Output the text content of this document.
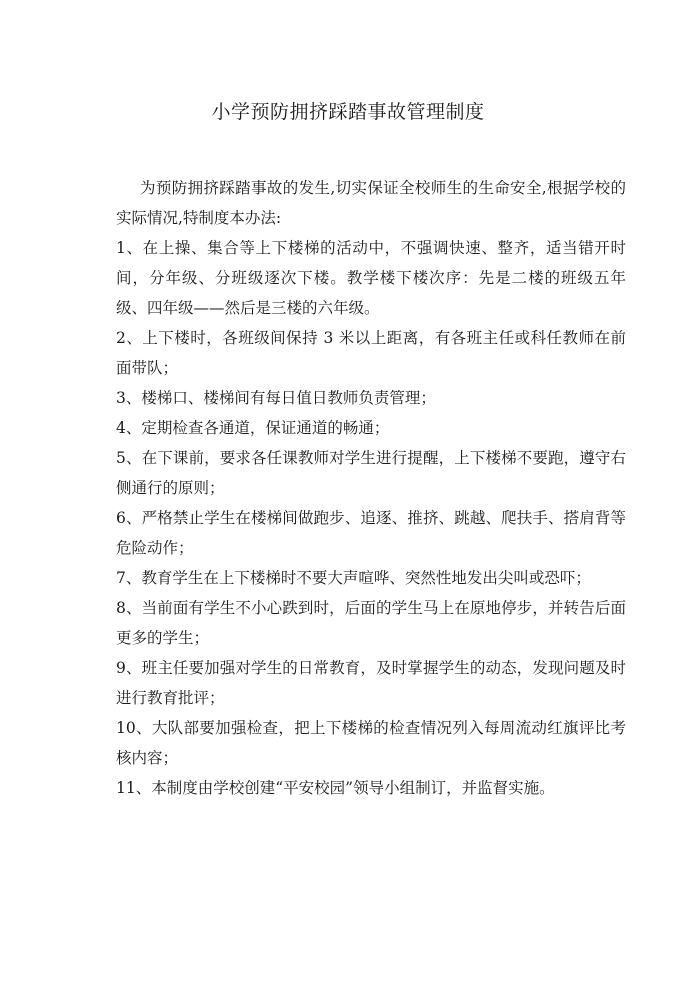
小学预防拥挤踩踏事故管理制度

为预防拥挤踩踏事故的发生,切实保证全校师生的生命安全,根据学校的实际情况,特制度本办法:

1、在上操、集合等上下楼梯的活动中，不强调快速、整齐，适当错开时间，分年级、分班级逐次下楼。教学楼下楼次序：先是二楼的班级五年级、四年级——然后是三楼的六年级。

2、上下楼时，各班级间保持 3 米以上距离，有各班主任或科任教师在前面带队；

3、楼梯口、楼梯间有每日值日教师负责管理；

4、定期检查各通道，保证通道的畅通；

5、在下课前，要求各任课教师对学生进行提醒，上下楼梯不要跑，遵守右侧通行的原则；

6、严格禁止学生在楼梯间做跑步、追逐、推挤、跳越、爬扶手、搭肩背等危险动作；

7、教育学生在上下楼梯时不要大声喧哗、突然性地发出尖叫或恐吓；

8、当前面有学生不小心跌到时，后面的学生马上在原地停步，并转告后面更多的学生；

9、班主任要加强对学生的日常教育，及时掌握学生的动态，发现问题及时进行教育批评；

10、大队部要加强检查，把上下楼梯的检查情况列入每周流动红旗评比考核内容；

11、本制度由学校创建“平安校园”领导小组制订，并监督实施。
